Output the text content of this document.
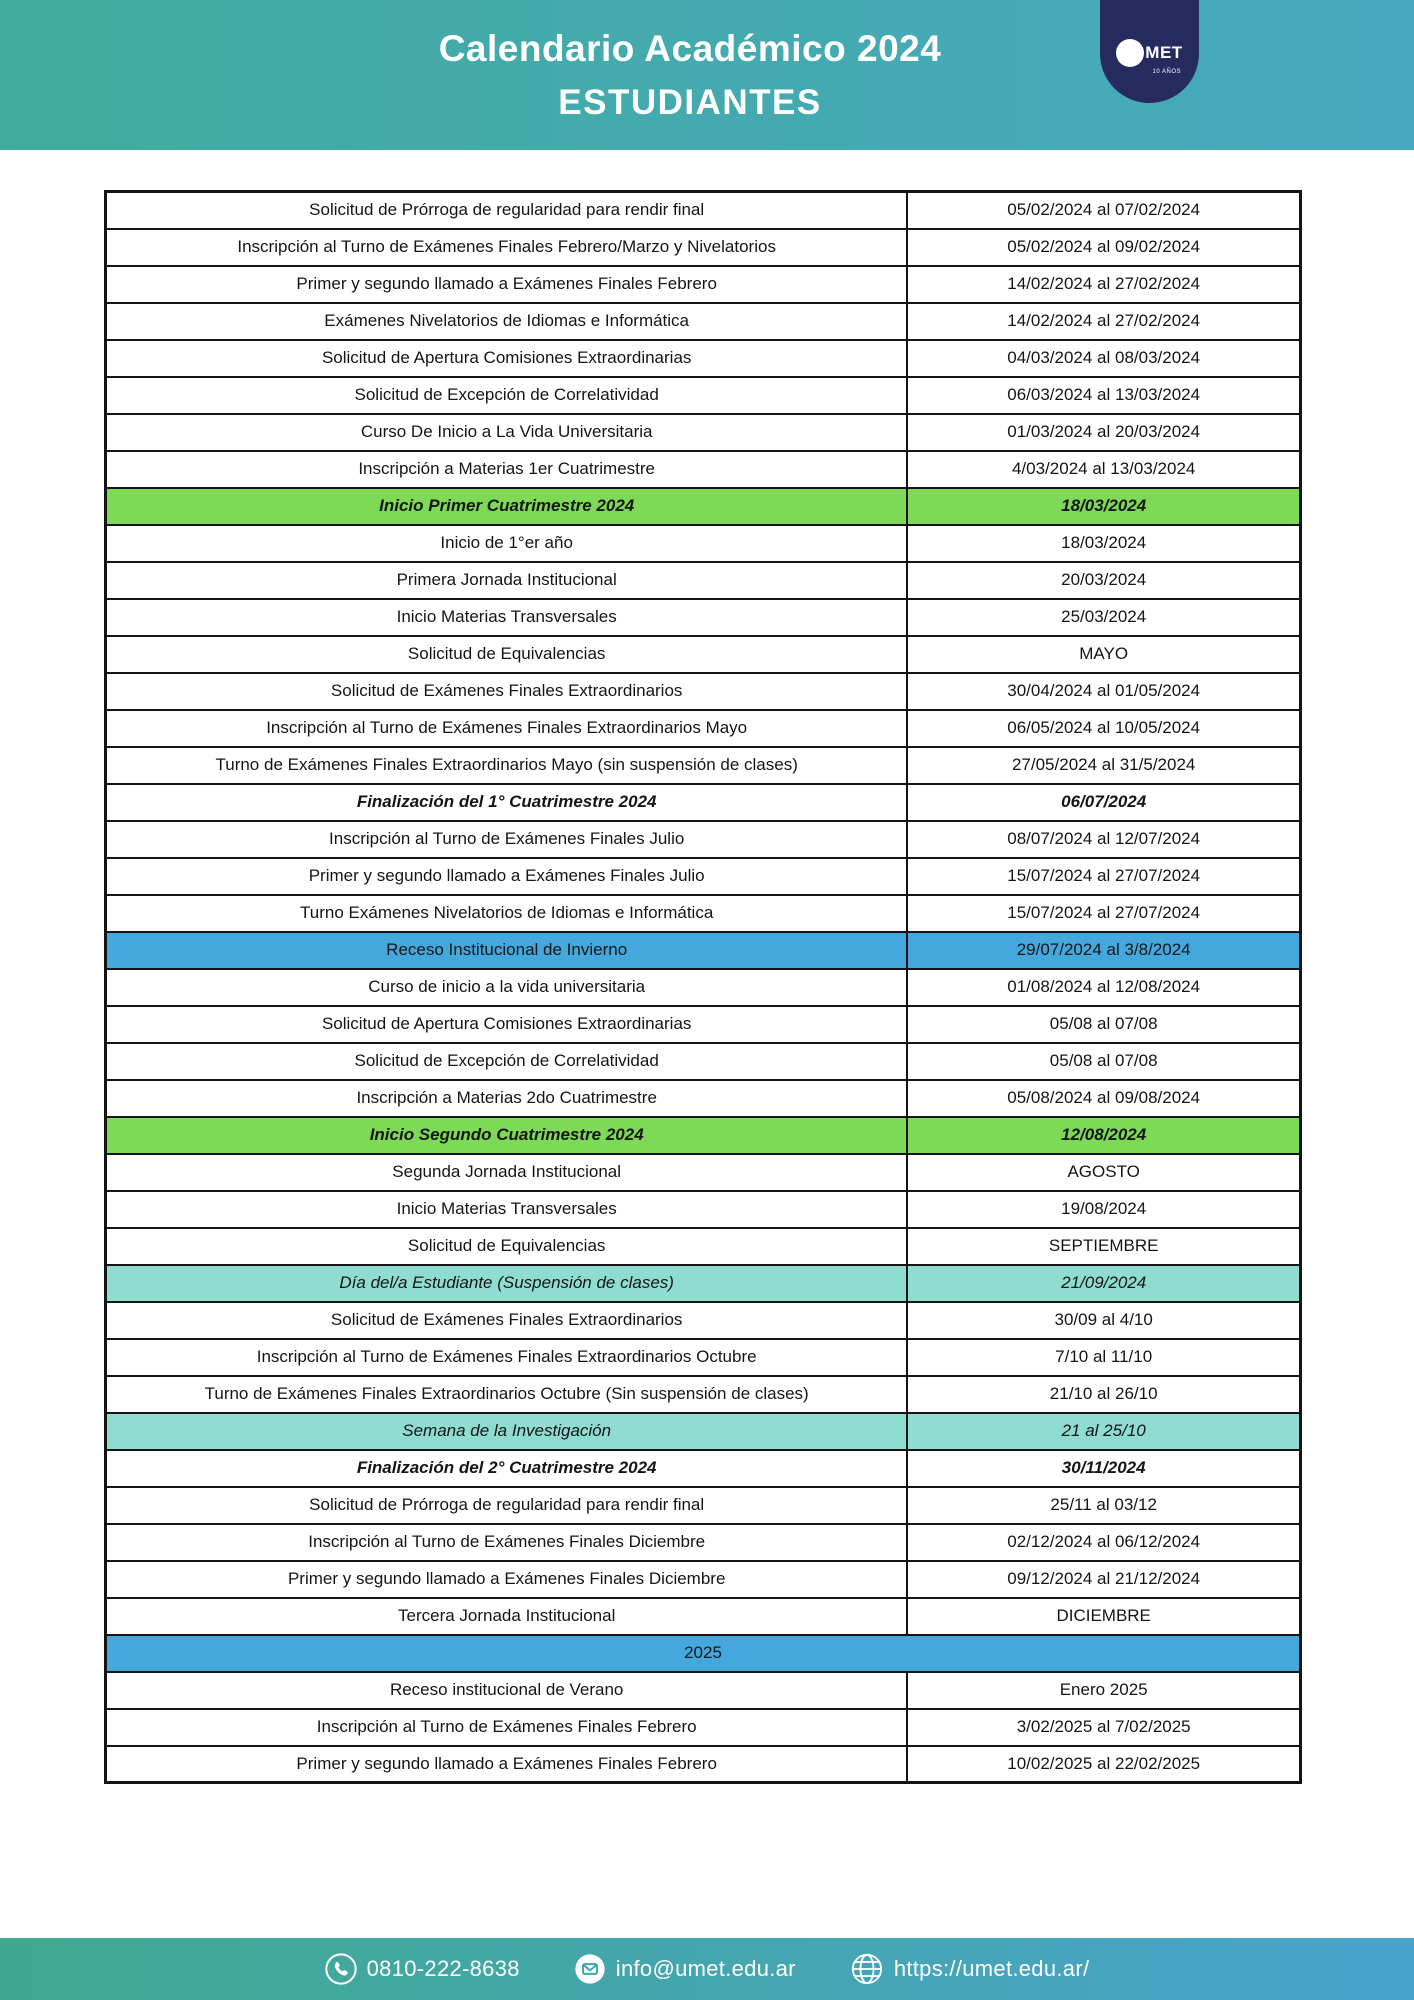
Calendario Académico 2024
ESTUDIANTES
MET
10 AÑOS
Solicitud de Prórroga de regularidad para rendir final	05/02/2024 al 07/02/2024
Inscripción al Turno de Exámenes Finales Febrero/Marzo y Nivelatorios	05/02/2024 al 09/02/2024
Primer y segundo llamado a Exámenes Finales Febrero	14/02/2024 al 27/02/2024
Exámenes Nivelatorios de Idiomas e Informática	14/02/2024 al 27/02/2024
Solicitud de Apertura Comisiones Extraordinarias	04/03/2024 al 08/03/2024
Solicitud de Excepción de Correlatividad	06/03/2024 al 13/03/2024
Curso De Inicio a La Vida Universitaria	01/03/2024 al 20/03/2024
Inscripción a Materias 1er Cuatrimestre	4/03/2024 al 13/03/2024
Inicio Primer Cuatrimestre 2024	18/03/2024
Inicio de 1°er año	18/03/2024
Primera Jornada Institucional	20/03/2024
Inicio Materias Transversales	25/03/2024
Solicitud de Equivalencias	MAYO
Solicitud de Exámenes Finales Extraordinarios	30/04/2024 al 01/05/2024
Inscripción al Turno de Exámenes Finales Extraordinarios Mayo	06/05/2024 al 10/05/2024
Turno de Exámenes Finales Extraordinarios Mayo (sin suspensión de clases)	27/05/2024 al 31/5/2024
Finalización del 1° Cuatrimestre 2024	06/07/2024
Inscripción al Turno de Exámenes Finales Julio	08/07/2024 al 12/07/2024
Primer y segundo llamado a Exámenes Finales Julio	15/07/2024 al 27/07/2024
Turno Exámenes Nivelatorios de Idiomas e Informática	15/07/2024 al 27/07/2024
Receso Institucional de Invierno	29/07/2024 al 3/8/2024
Curso de inicio a la vida universitaria	01/08/2024 al 12/08/2024
Solicitud de Apertura Comisiones Extraordinarias	05/08 al 07/08
Solicitud de Excepción de Correlatividad	05/08 al 07/08
Inscripción a Materias 2do Cuatrimestre	05/08/2024 al 09/08/2024
Inicio Segundo Cuatrimestre 2024	12/08/2024
Segunda Jornada Institucional	AGOSTO
Inicio Materias Transversales	19/08/2024
Solicitud de Equivalencias	SEPTIEMBRE
Día del/a Estudiante (Suspensión de clases)	21/09/2024
Solicitud de Exámenes Finales Extraordinarios	30/09 al 4/10
Inscripción al Turno de Exámenes Finales Extraordinarios Octubre	7/10 al 11/10
Turno de Exámenes Finales Extraordinarios Octubre (Sin suspensión de clases)	21/10 al 26/10
Semana de la Investigación	21 al 25/10
Finalización del 2° Cuatrimestre 2024	30/11/2024
Solicitud de Prórroga de regularidad para rendir final	25/11 al 03/12
Inscripción al Turno de Exámenes Finales Diciembre	02/12/2024 al 06/12/2024
Primer y segundo llamado a Exámenes Finales Diciembre	09/12/2024 al 21/12/2024
Tercera Jornada Institucional	DICIEMBRE
2025	
Receso institucional de Verano	Enero 2025
Inscripción al Turno de Exámenes Finales Febrero	3/02/2025 al 7/02/2025
Primer y segundo llamado a Exámenes Finales Febrero	10/02/2025 al 22/02/2025
0810-222-8638	info@umet.edu.ar	https://umet.edu.ar/
